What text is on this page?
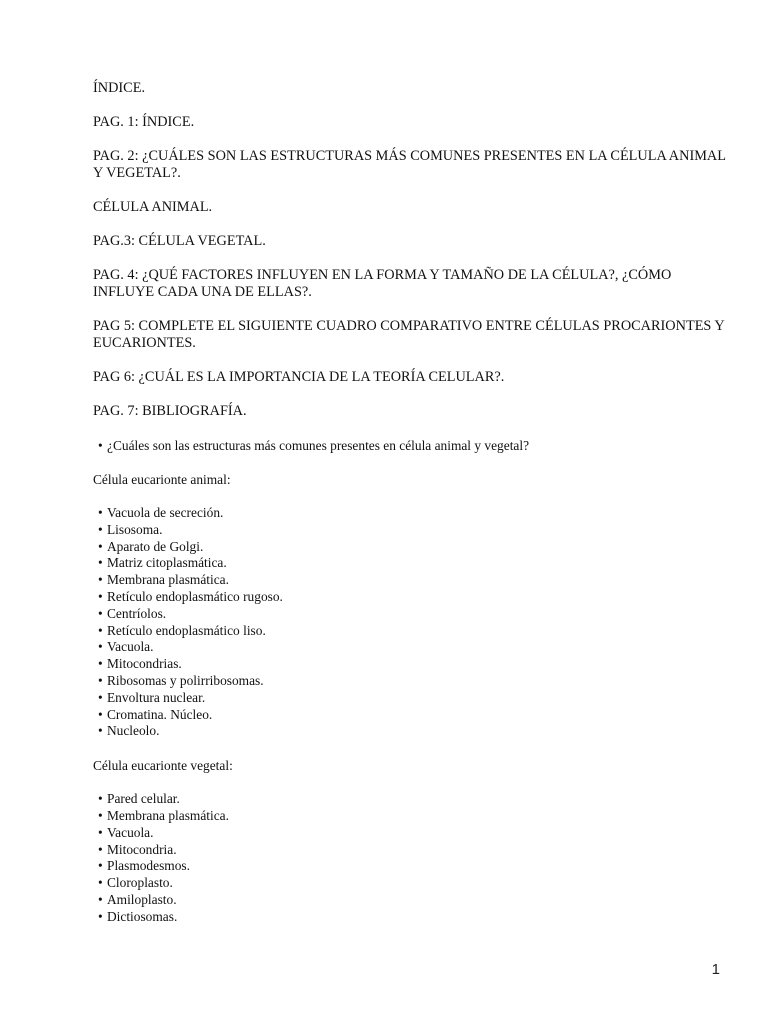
ÍNDICE.

PAG. 1: ÍNDICE.

PAG. 2: ¿CUÁLES SON LAS ESTRUCTURAS MÁS COMUNES PRESENTES EN LA CÉLULA ANIMAL Y VEGETAL?.

CÉLULA ANIMAL.

PAG.3: CÉLULA VEGETAL.

PAG. 4: ¿QUÉ FACTORES INFLUYEN EN LA FORMA Y TAMAÑO DE LA CÉLULA?, ¿CÓMO INFLUYE CADA UNA DE ELLAS?.

PAG 5: COMPLETE EL SIGUIENTE CUADRO COMPARATIVO ENTRE CÉLULAS PROCARIONTES Y EUCARIONTES.

PAG 6: ¿CUÁL ES LA IMPORTANCIA DE LA TEORÍA CELULAR?.

PAG. 7: BIBLIOGRAFÍA.

• ¿Cuáles son las estructuras más comunes presentes en célula animal y vegetal?

Célula eucarionte animal:

• Vacuola de secreción.
• Lisosoma.
• Aparato de Golgi.
• Matriz citoplasmática.
• Membrana plasmática.
• Retículo endoplasmático rugoso.
• Centríolos.
• Retículo endoplasmático liso.
• Vacuola.
• Mitocondrias.
• Ribosomas y polirribosomas.
• Envoltura nuclear.
• Cromatina. Núcleo.
• Nucleolo.

Célula eucarionte vegetal:

• Pared celular.
• Membrana plasmática.
• Vacuola.
• Mitocondria.
• Plasmodesmos.
• Cloroplasto.
• Amiloplasto.
• Dictiosomas.
1
